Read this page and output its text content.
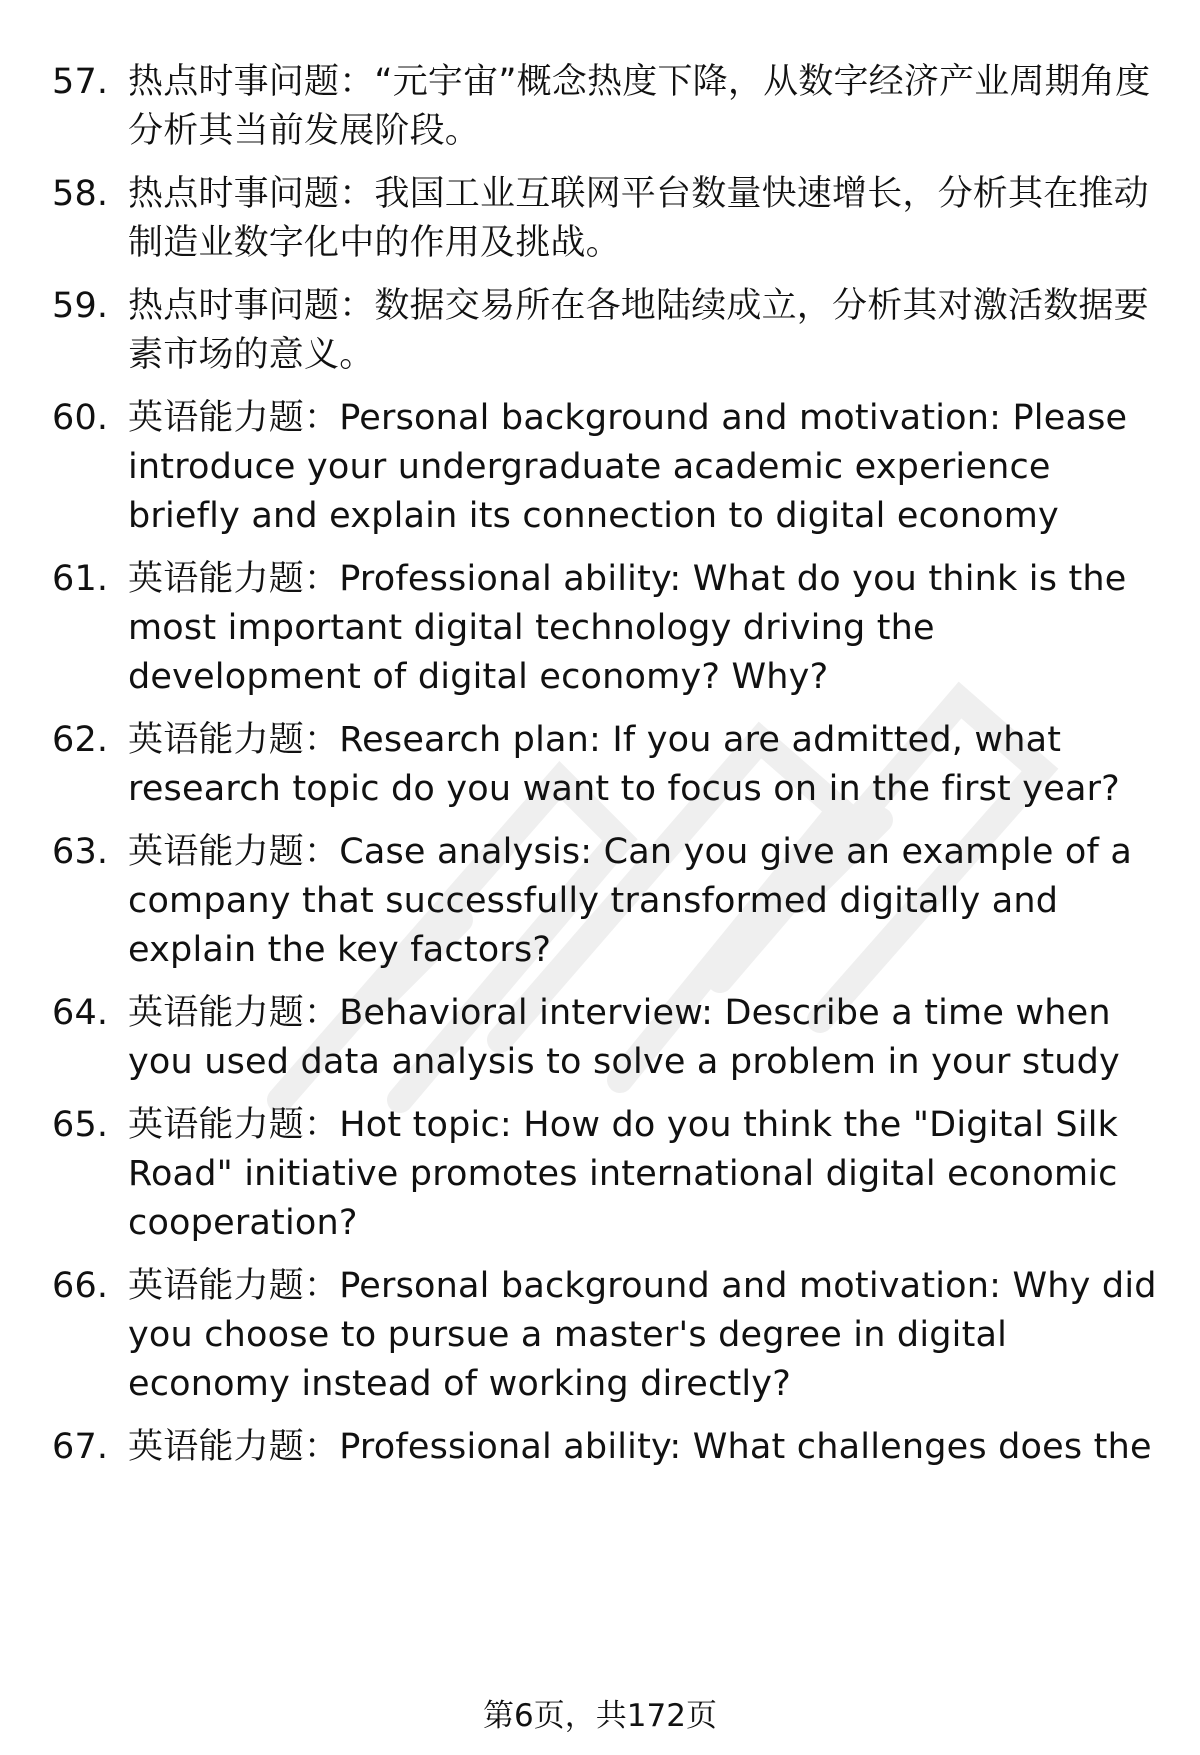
57. 热点时事问题：“元宇宙”概念热度下降，从数字经济产业周期角度分析其当前发展阶段。
58. 热点时事问题：我国工业互联网平台数量快速增长，分析其在推动制造业数字化中的作用及挑战。
59. 热点时事问题：数据交易所在各地陆续成立，分析其对激活数据要素市场的意义。
60. 英语能力题：Personal background and motivation: Please introduce your undergraduate academic experience briefly and explain its connection to digital economy
61. 英语能力题：Professional ability: What do you think is the most important digital technology driving the development of digital economy? Why?
62. 英语能力题：Research plan: If you are admitted, what research topic do you want to focus on in the first year?
63. 英语能力题：Case analysis: Can you give an example of a company that successfully transformed digitally and explain the key factors?
64. 英语能力题：Behavioral interview: Describe a time when you used data analysis to solve a problem in your study
65. 英语能力题：Hot topic: How do you think the "Digital Silk Road" initiative promotes international digital economic cooperation?
66. 英语能力题：Personal background and motivation: Why did you choose to pursue a master's degree in digital economy instead of working directly?
67. 英语能力题：Professional ability: What challenges does the
第6页，共172页
